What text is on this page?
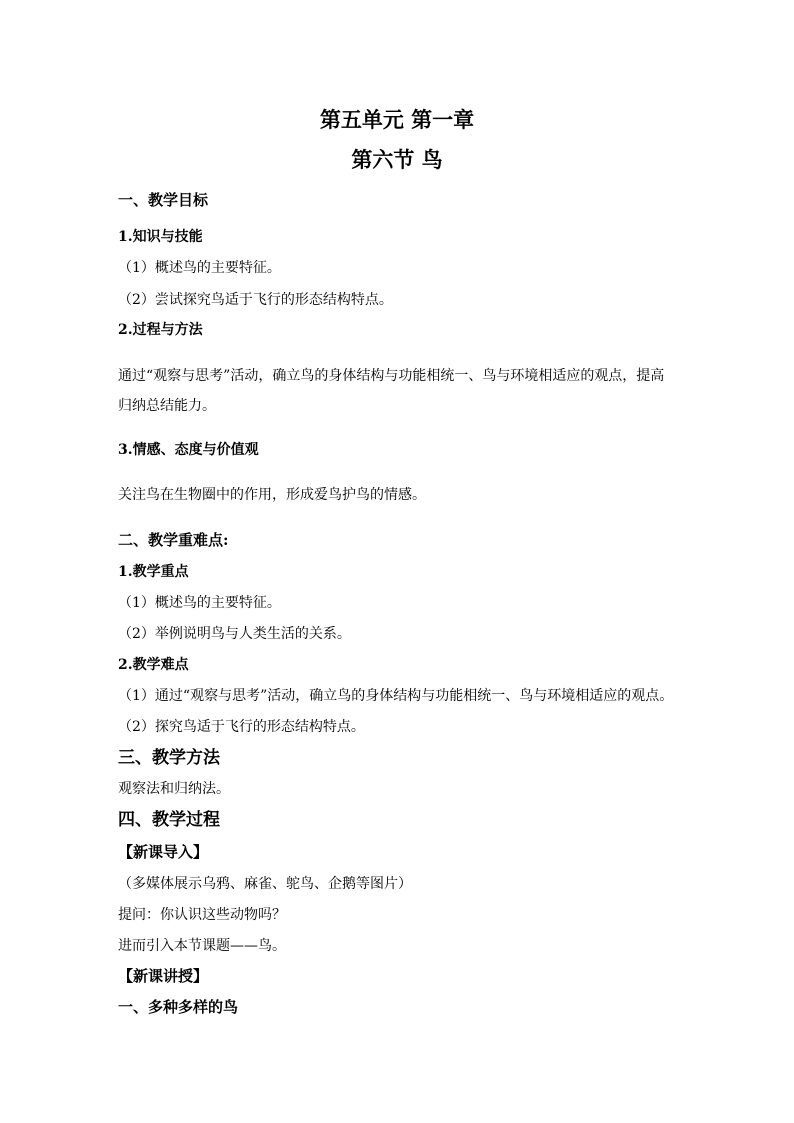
第五单元 第一章
第六节 鸟
一、教学目标
1.知识与技能
（1）概述鸟的主要特征。
（2）尝试探究鸟适于飞行的形态结构特点。
2.过程与方法
通过“观察与思考”活动，确立鸟的身体结构与功能相统一、鸟与环境相适应的观点，提高
归纳总结能力。
3.情感、态度与价值观
关注鸟在生物圈中的作用，形成爱鸟护鸟的情感。
二、教学重难点:
1.教学重点
（1）概述鸟的主要特征。
（2）举例说明鸟与人类生活的关系。
2.教学难点
（1）通过“观察与思考”活动，确立鸟的身体结构与功能相统一、鸟与环境相适应的观点。
（2）探究鸟适于飞行的形态结构特点。
三、教学方法
观察法和归纳法。
四、教学过程
【新课导入】
（多媒体展示乌鸦、麻雀、鸵鸟、企鹅等图片）
提问：你认识这些动物吗？
进而引入本节课题——鸟。
【新课讲授】
一、多种多样的鸟
